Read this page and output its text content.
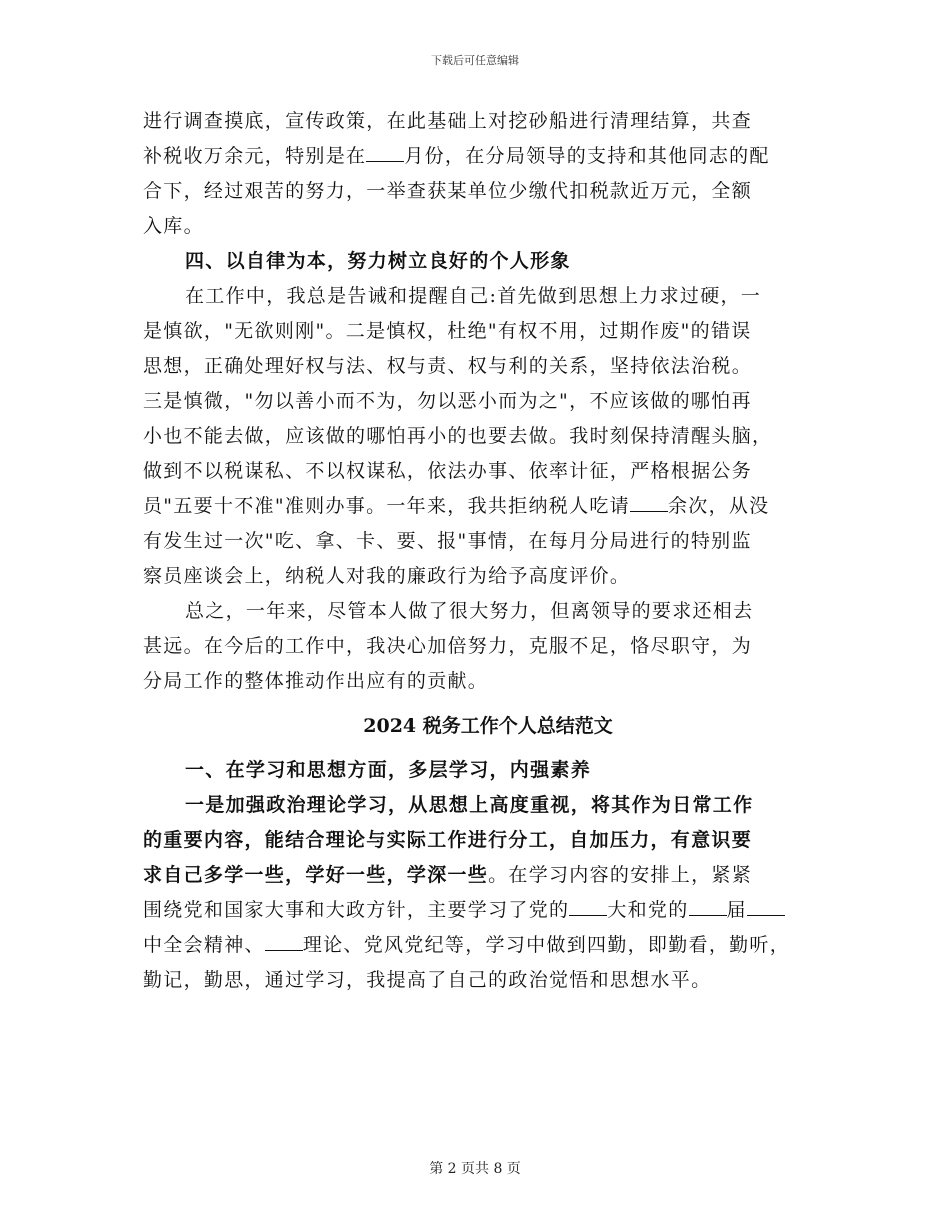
下载后可任意编辑
进行调查摸底，宣传政策，在此基础上对挖砂船进行清理结算，共查
补税收万余元，特别是在 月份，在分局领导的支持和其他同志的配
合下，经过艰苦的努力，一举查获某单位少缴代扣税款近万元，全额
入库。
四、以自律为本，努力树立良好的个人形象
在工作中，我总是告诫和提醒自己:首先做到思想上力求过硬，一
是慎欲，"无欲则刚"。二是慎权，杜绝"有权不用，过期作废"的错误
思想，正确处理好权与法、权与责、权与利的关系，坚持依法治税。
三是慎微，"勿以善小而不为，勿以恶小而为之"，不应该做的哪怕再
小也不能去做，应该做的哪怕再小的也要去做。我时刻保持清醒头脑，
做到不以税谋私、不以权谋私，依法办事、依率计征，严格根据公务
员"五要十不准"准则办事。一年来，我共拒纳税人吃请 余次，从没
有发生过一次"吃、拿、卡、要、报"事情，在每月分局进行的特别监
察员座谈会上，纳税人对我的廉政行为给予高度评价。
总之，一年来，尽管本人做了很大努力，但离领导的要求还相去
甚远。在今后的工作中，我决心加倍努力，克服不足，恪尽职守，为
分局工作的整体推动作出应有的贡献。
2024 税务工作个人总结范文
一、在学习和思想方面，多层学习，内强素养
一是加强政治理论学习，从思想上高度重视，将其作为日常工作
的重要内容，能结合理论与实际工作进行分工，自加压力，有意识要
求自己多学一些，学好一些，学深一些。在学习内容的安排上，紧紧
围绕党和国家大事和大政方针，主要学习了党的 大和党的 届
中全会精神、 理论、党风党纪等，学习中做到四勤，即勤看，勤听，
勤记，勤思，通过学习，我提高了自己的政治觉悟和思想水平。
第 2 页共 8 页
